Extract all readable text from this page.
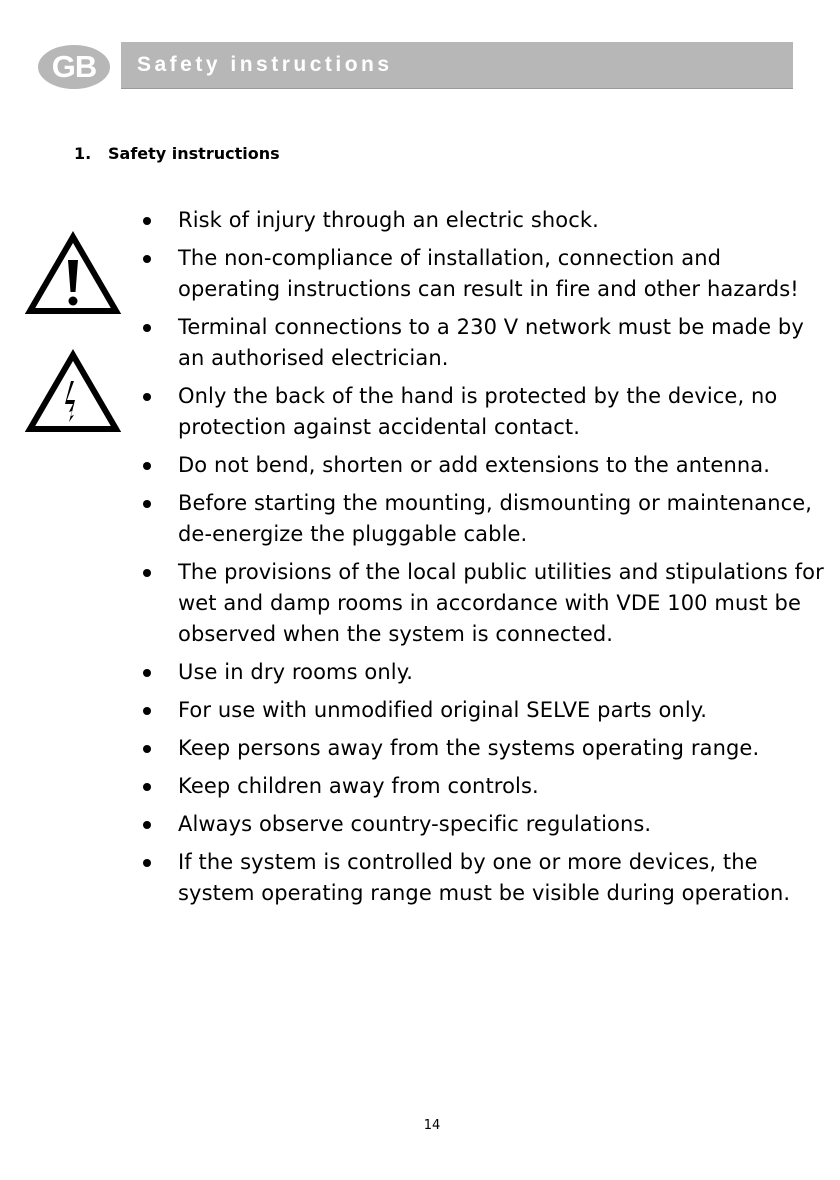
GB Safety instructions
1. Safety instructions
Risk of injury through an electric shock.
The non-compliance of installation, connection and operating instructions can result in fire and other hazards!
Terminal connections to a 230 V network must be made by an authorised electrician.
Only the back of the hand is protected by the device, no protection against accidental contact.
Do not bend, shorten or add extensions to the antenna.
Before starting the mounting, dismounting or maintenance, de-energize the pluggable cable.
The provisions of the local public utilities and stipulations for wet and damp rooms in accordance with VDE 100 must be observed when the system is connected.
Use in dry rooms only.
For use with unmodified original SELVE parts only.
Keep persons away from the systems operating range.
Keep children away from controls.
Always observe country-specific regulations.
If the system is controlled by one or more devices, the system operating range must be visible during operation.
14
